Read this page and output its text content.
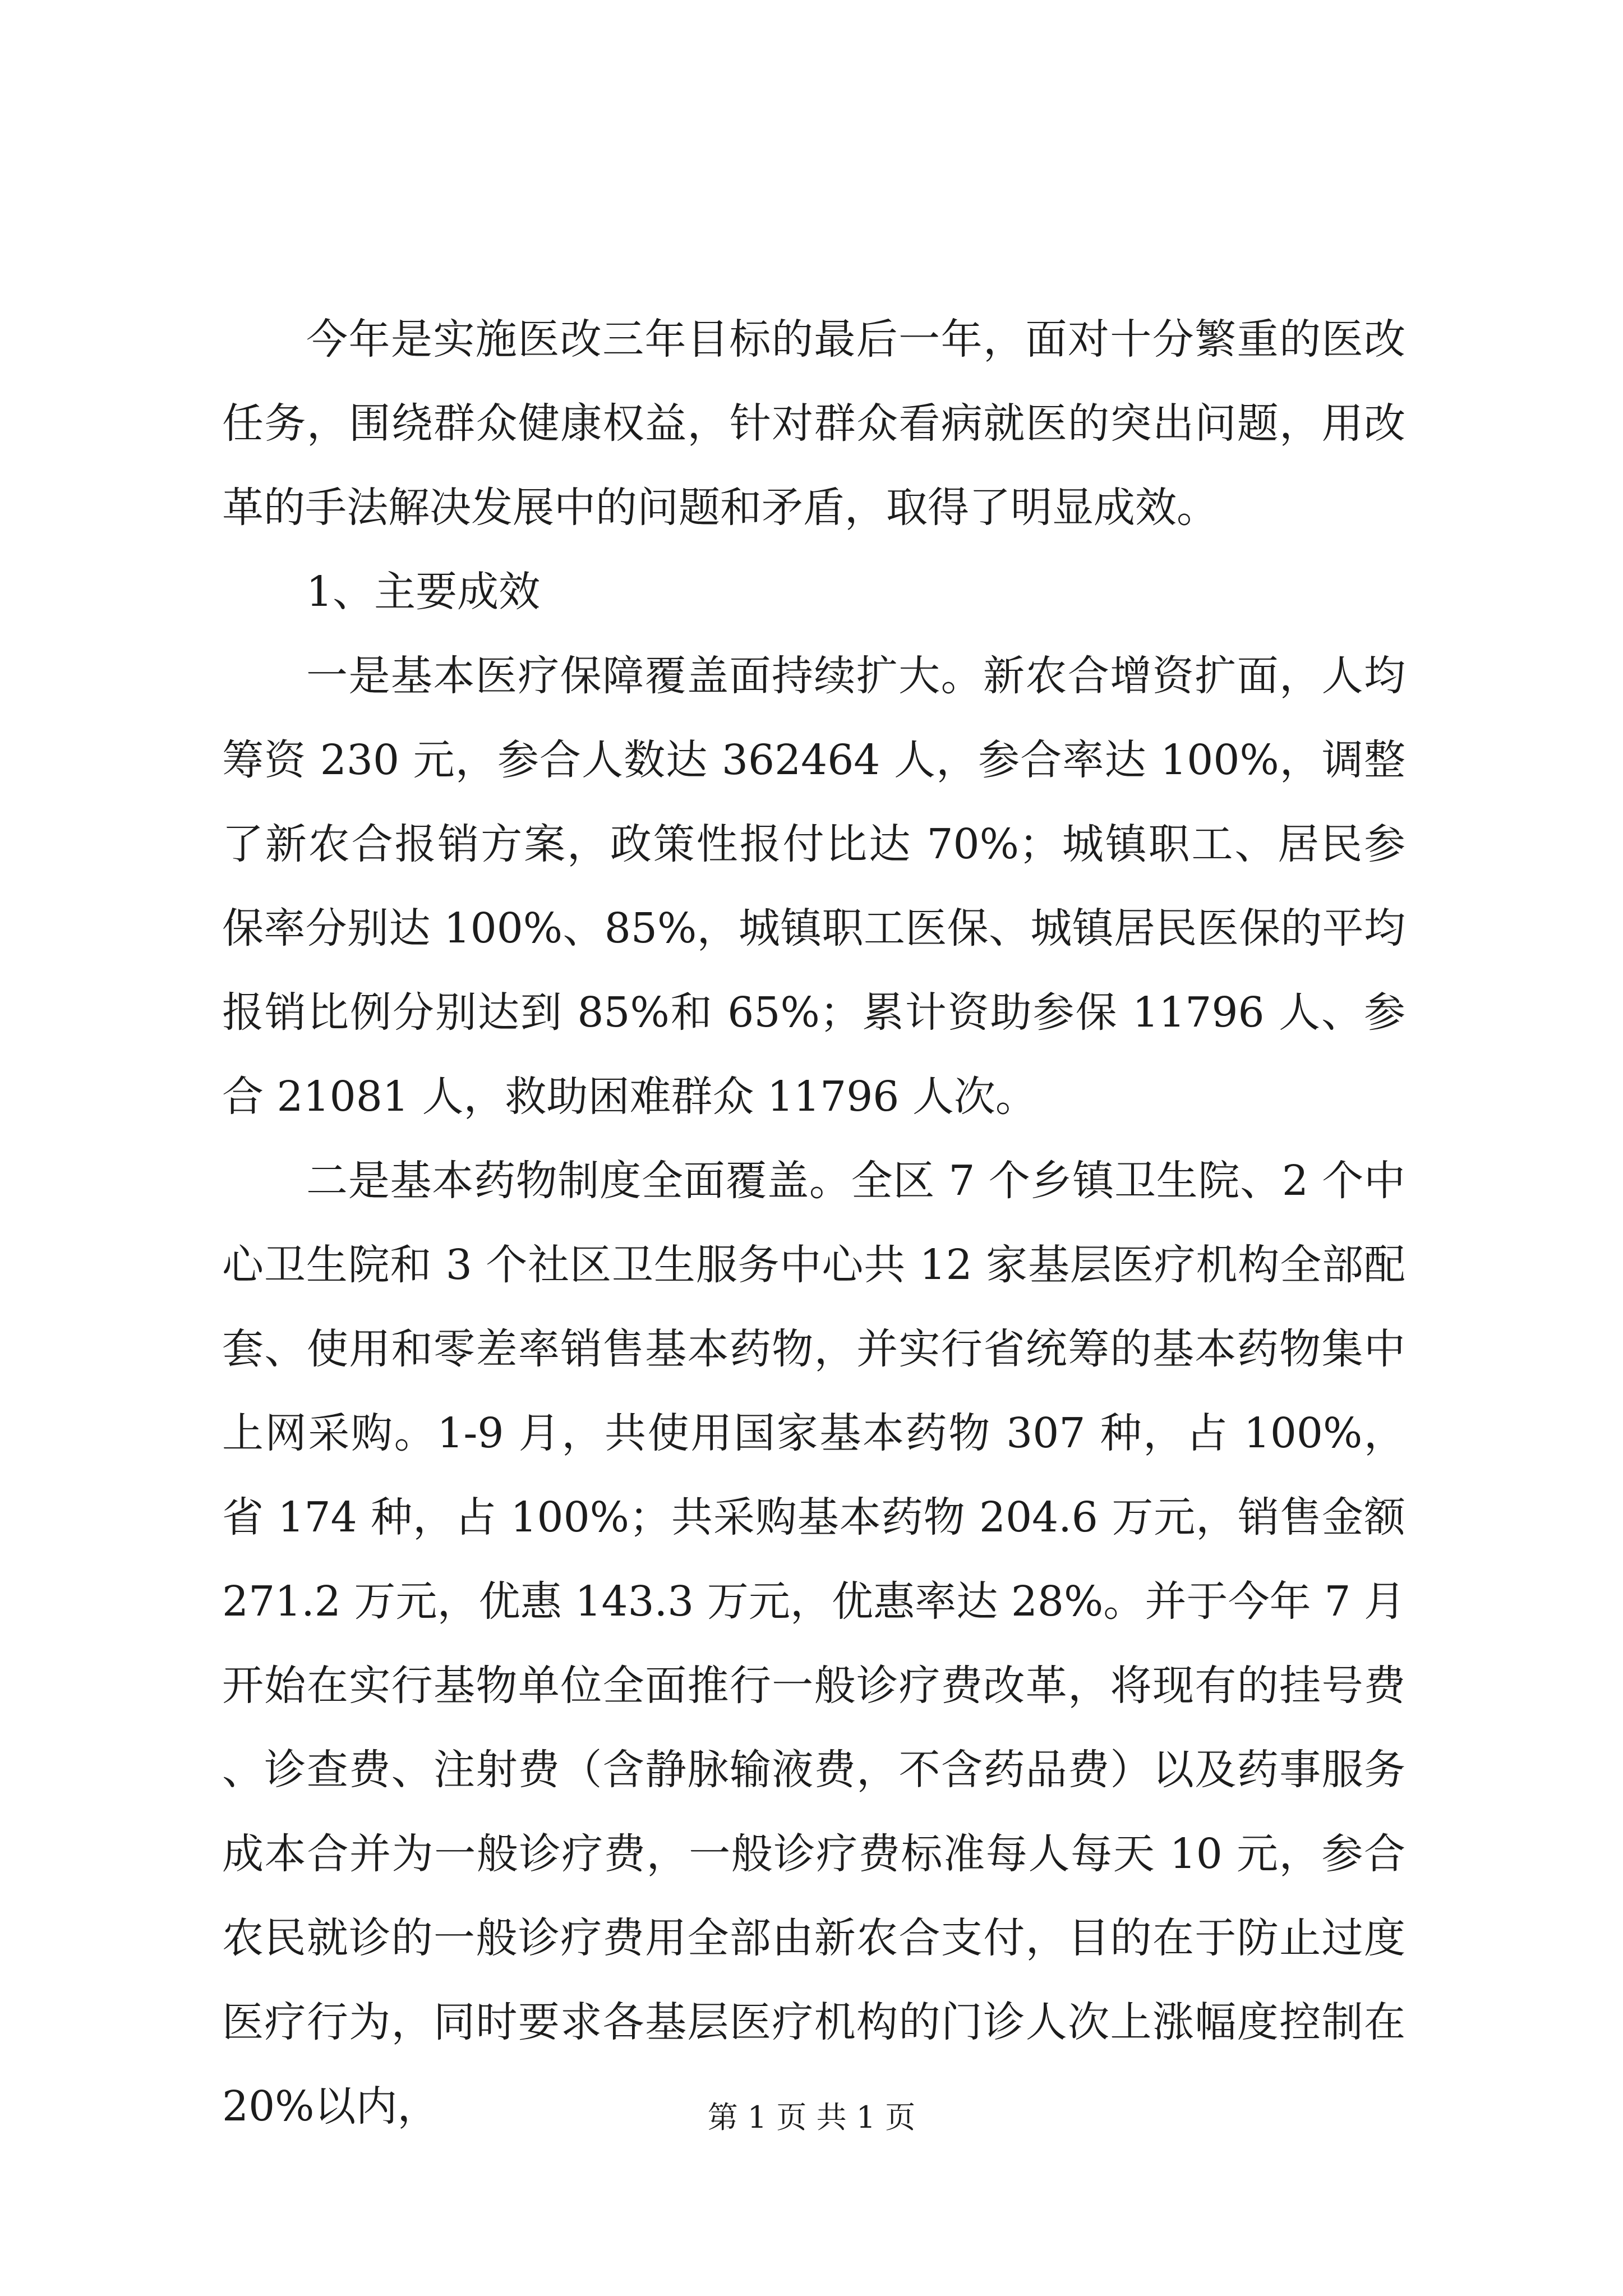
今年是实施医改三年目标的最后一年，面对十分繁重的医改任务，围绕群众健康权益，针对群众看病就医的突出问题，用改革的手法解决发展中的问题和矛盾，取得了明显成效。

1、主要成效

一是基本医疗保障覆盖面持续扩大。新农合增资扩面，人均筹资 230 元，参合人数达 362464 人，参合率达 100%，调整了新农合报销方案，政策性报付比达 70%；城镇职工、居民参保率分别达 100%、85%，城镇职工医保、城镇居民医保的平均报销比例分别达到 85%和 65%；累计资助参保 11796 人、参合 21081 人，救助困难群众 11796 人次。

二是基本药物制度全面覆盖。全区 7 个乡镇卫生院、2 个中心卫生院和 3 个社区卫生服务中心共 12 家基层医疗机构全部配套、使用和零差率销售基本药物，并实行省统筹的基本药物集中上网采购。1-9 月，共使用国家基本药物 307 种，占 100%，省 174 种，占 100%；共采购基本药物 204.6 万元，销售金额 271.2 万元，优惠 143.3 万元，优惠率达 28%。并于今年 7 月开始在实行基物单位全面推行一般诊疗费改革，将现有的挂号费、诊查费、注射费（含静脉输液费，不含药品费）以及药事服务成本合并为一般诊疗费，一般诊疗费标准每人每天 10 元，参合农民就诊的一般诊疗费用全部由新农合支付，目的在于防止过度医疗行为，同时要求各基层医疗机构的门诊人次上涨幅度控制在 20%以内，	第 1 页 共 1 页
